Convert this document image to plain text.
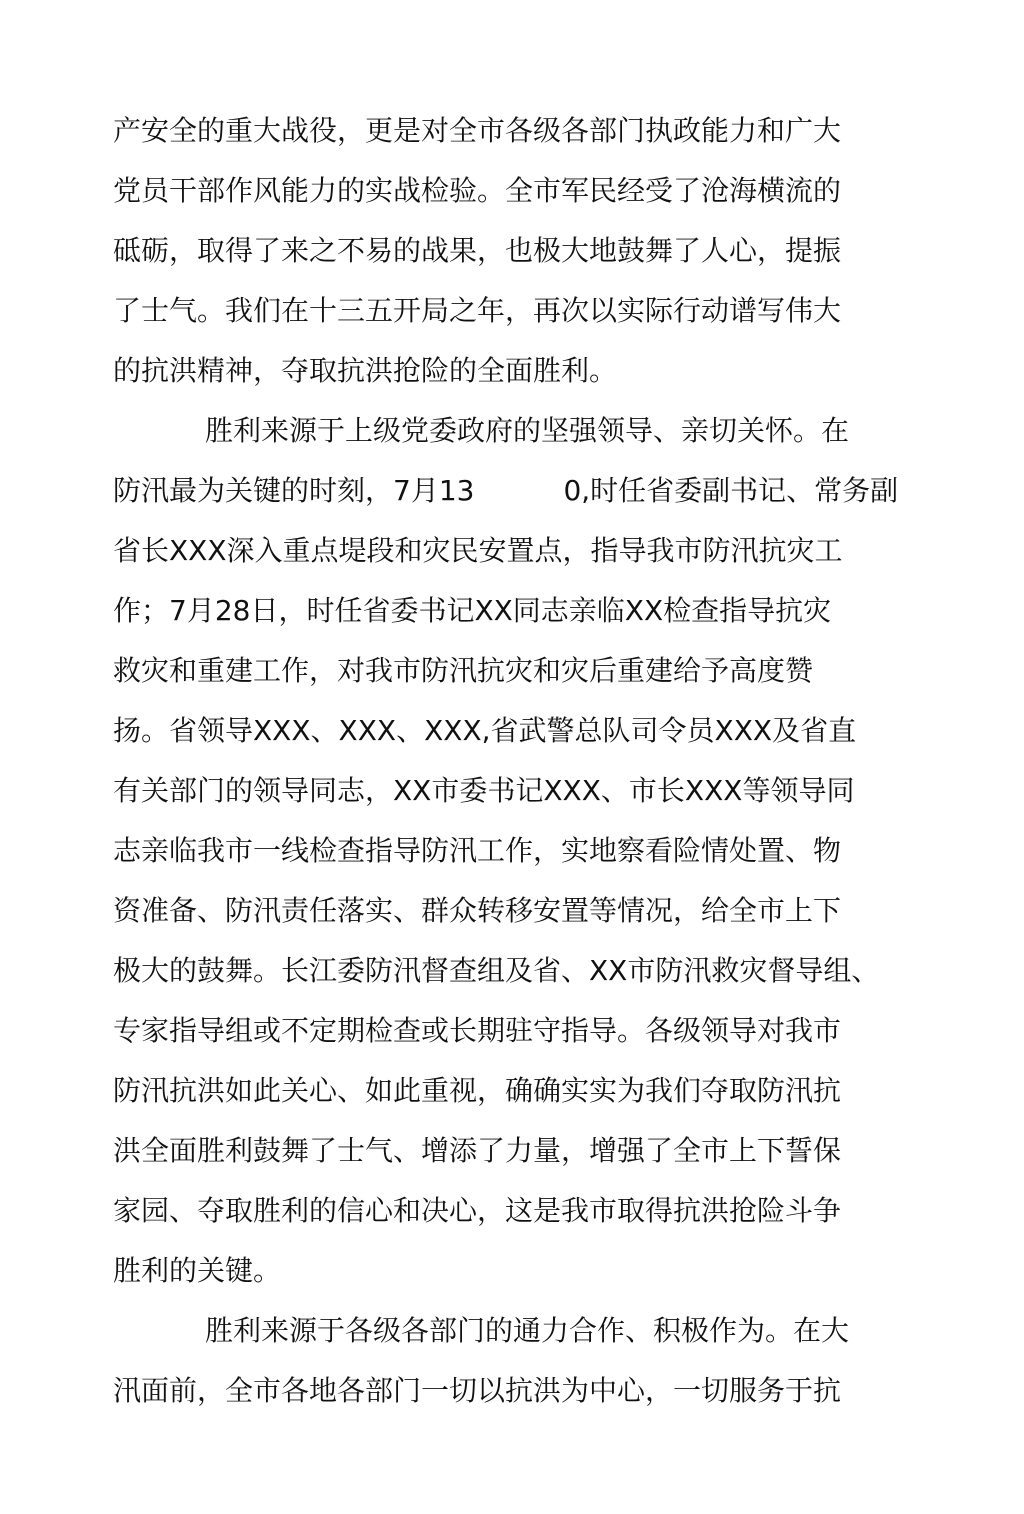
产安全的重大战役，更是对全市各级各部门执政能力和广大
党员干部作风能力的实战检验。全市军民经受了沧海横流的
砥砺，取得了来之不易的战果，也极大地鼓舞了人心，提振
了士气。我们在十三五开局之年，再次以实际行动谱写伟大
的抗洪精神，夺取抗洪抢险的全面胜利。
胜利来源于上级党委政府的坚强领导、亲切关怀。在
防汛最为关键的时刻，7月13          0,时任省委副书记、常务副
省长XXX深入重点堤段和灾民安置点，指导我市防汛抗灾工
作；7月28日，时任省委书记XX同志亲临XX检查指导抗灾
救灾和重建工作，对我市防汛抗灾和灾后重建给予高度赞
扬。省领导XXX、XXX、XXX,省武警总队司令员XXX及省直
有关部门的领导同志，XX市委书记XXX、市长XXX等领导同
志亲临我市一线检查指导防汛工作，实地察看险情处置、物
资准备、防汛责任落实、群众转移安置等情况，给全市上下
极大的鼓舞。长江委防汛督查组及省、XX市防汛救灾督导组、
专家指导组或不定期检查或长期驻守指导。各级领导对我市
防汛抗洪如此关心、如此重视，确确实实为我们夺取防汛抗
洪全面胜利鼓舞了士气、增添了力量，增强了全市上下誓保
家园、夺取胜利的信心和决心，这是我市取得抗洪抢险斗争
胜利的关键。
胜利来源于各级各部门的通力合作、积极作为。在大
汛面前，全市各地各部门一切以抗洪为中心，一切服务于抗
